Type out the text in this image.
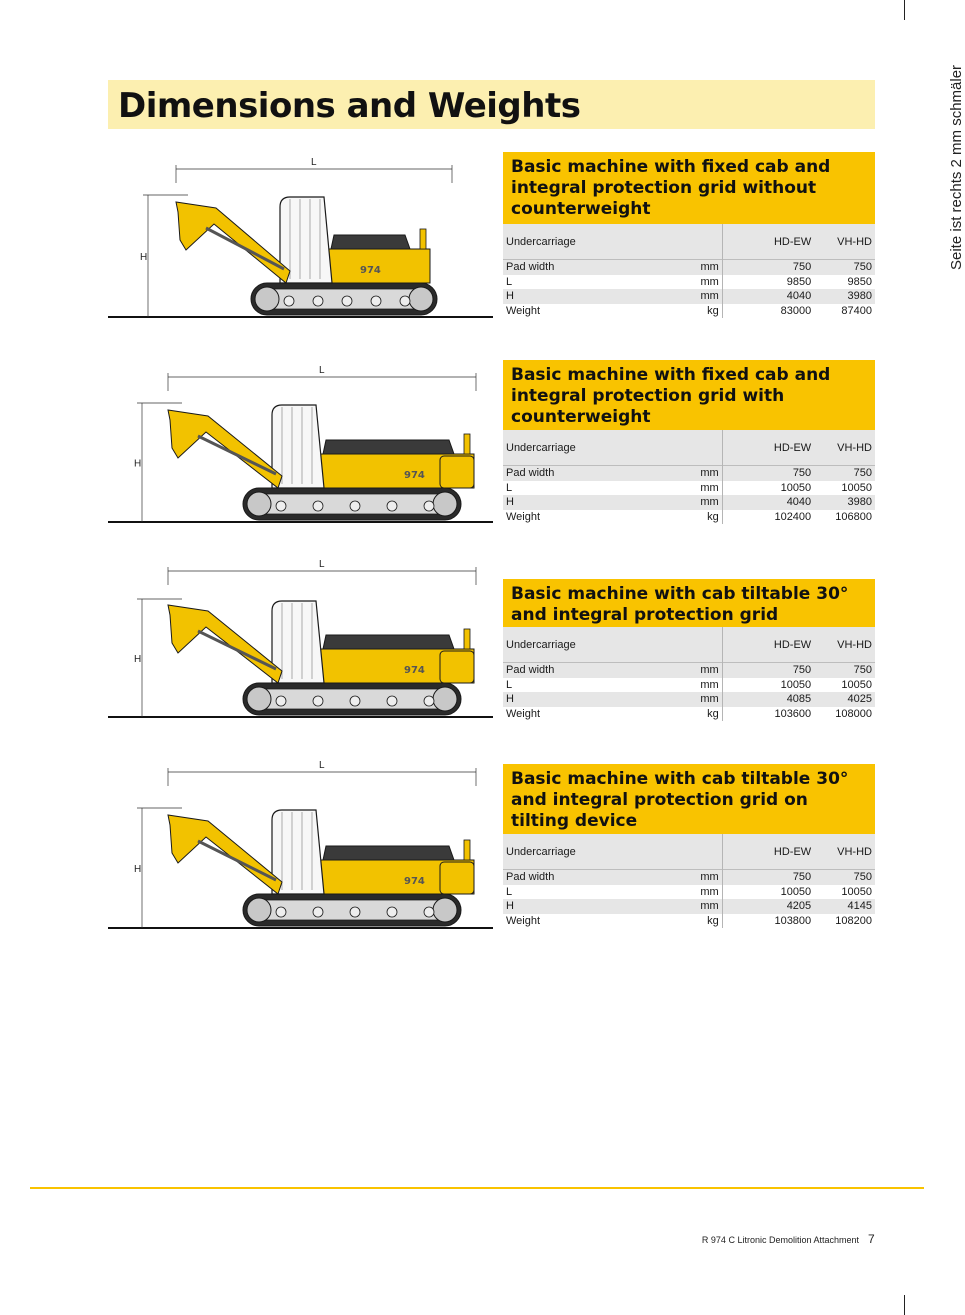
Dimensions and Weights
L
H
974
Basic machine with fixed cab and integral protection grid without counterweight
Undercarriage		HD-EW	VH-HD
Pad width	mm	750	750
L	mm	9850	9850
H	mm	4040	3980
Weight	kg	83000	87400
L
H
974
Basic machine with fixed cab and integral protection grid with counterweight
Undercarriage		HD-EW	VH-HD
Pad width	mm	750	750
L	mm	10050	10050
H	mm	4040	3980
Weight	kg	102400	106800
L
H
974
Basic machine with cab tiltable 30° and integral protection grid
Undercarriage		HD-EW	VH-HD
Pad width	mm	750	750
L	mm	10050	10050
H	mm	4085	4025
Weight	kg	103600	108000
L
H
974
Basic machine with cab tiltable 30° and integral protection grid on tilting device
Undercarriage		HD-EW	VH-HD
Pad width	mm	750	750
L	mm	10050	10050
H	mm	4205	4145
Weight	kg	103800	108200
Seite ist rechts 2 mm schmäler
R 974 C Litronic Demolition Attachment 7
